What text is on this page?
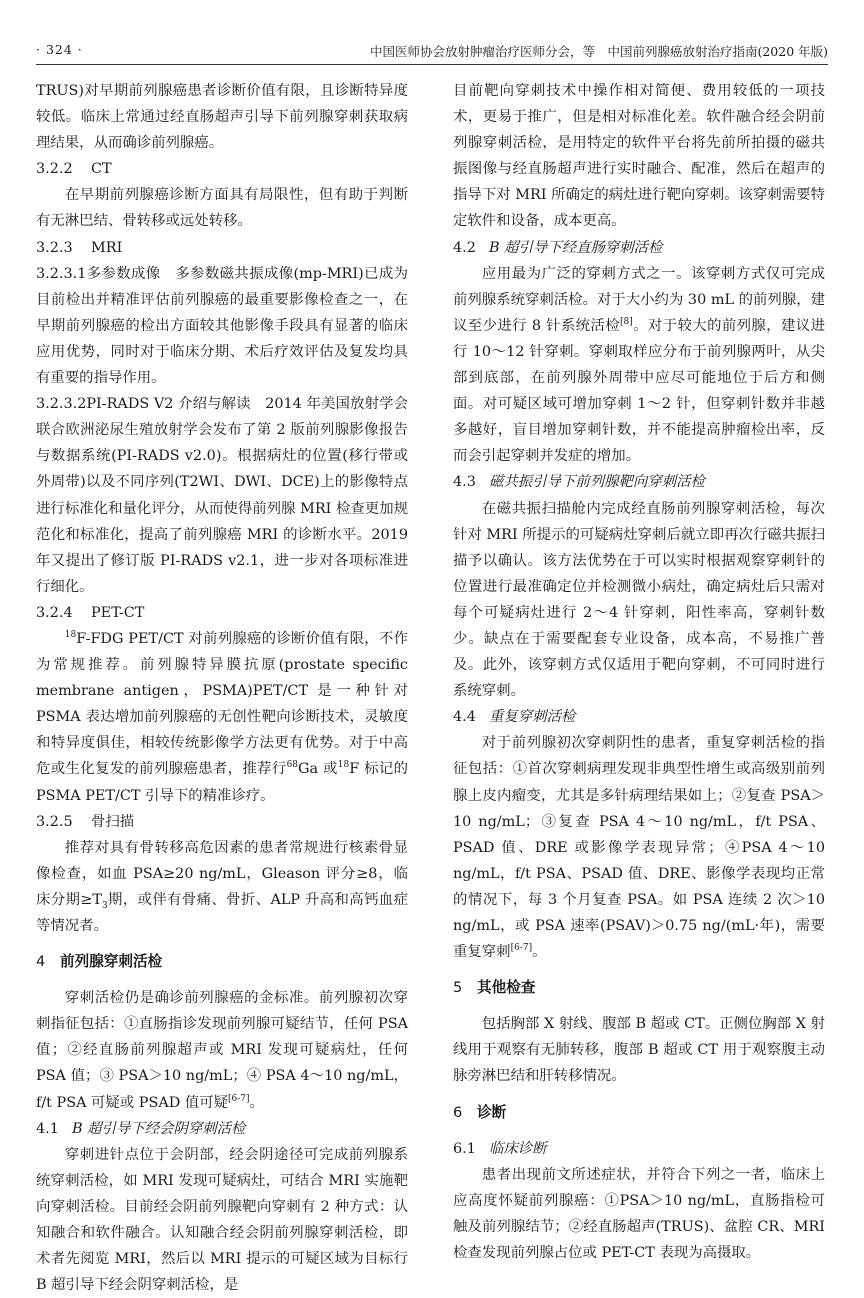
· 324 ·	中国医师协会放射肿瘤治疗医师分会，等　中国前列腺癌放射治疗指南(2020 年版)

TRUS)对早期前列腺癌患者诊断价值有限，且诊断特异度较低。临床上常通过经直肠超声引导下前列腺穿刺获取病理结果，从而确诊前列腺癌。

3.2.2 CT

在早期前列腺癌诊断方面具有局限性，但有助于判断有无淋巴结、骨转移或远处转移。

3.2.3 MRI

3.2.3.1多参数成像　 多参数磁共振成像(mp-MRI)已成为目前检出并精准评估前列腺癌的最重要影像检查之一，在早期前列腺癌的检出方面较其他影像手段具有显著的临床应用优势，同时对于临床分期、术后疗效评估及复发均具有重要的指导作用。

3.2.3.2PI-RADS V2 介绍与解读　 2014 年美国放射学会联合欧洲泌尿生殖放射学会发布了第 2 版前列腺影像报告与数据系统(PI-RADS v2.0)。根据病灶的位置(移行带或外周带)以及不同序列(T2WI、DWI、DCE)上的影像特点进行标准化和量化评分，从而使得前列腺 MRI 检查更加规范化和标准化，提高了前列腺癌 MRI 的诊断水平。2019 年又提出了修订版 PI-RADS v2.1，进一步对各项标准进行细化。

3.2.4 PET-CT

$^{18}$F-FDG PET/CT 对前列腺癌的诊断价值有限，不作为常规推荐。前列腺特异膜抗原(prostate specific membrane antigen，PSMA)PET/CT 是一种针对 PSMA 表达增加前列腺癌的无创性靶向诊断技术，灵敏度和特异度俱佳，相较传统影像学方法更有优势。对于中高危或生化复发的前列腺癌患者，推荐行$^{68}$Ga 或$^{18}$F 标记的 PSMA PET/CT 引导下的精准诊疗。

3.2.5 骨扫描

推荐对具有骨转移高危因素的患者常规进行核素骨显像检查，如血 PSA≥20 ng/mL，Gleason 评分≥8，临床分期$\ge T_3$期，或伴有骨痛、骨折、ALP 升高和高钙血症等情况者。

4 前列腺穿刺活检

穿刺活检仍是确诊前列腺癌的金标准。前列腺初次穿刺指征包括：①直肠指诊发现前列腺可疑结节，任何 PSA 值；②经直肠前列腺超声或 MRI 发现可疑病灶，任何 PSA 值；③ PSA＞10 ng/mL；④ PSA 4～10 ng/mL，f/t PSA 可疑或 PSAD 值可疑[6-7]。

4.1 B 超引导下经会阴穿刺活检

穿刺进针点位于会阴部，经会阴途径可完成前列腺系统穿刺活检，如 MRI 发现可疑病灶，可结合 MRI 实施靶向穿刺活检。目前经会阴前列腺靶向穿刺有 2 种方式：认知融合和软件融合。认知融合经会阴前列腺穿刺活检，即术者先阅览 MRI，然后以 MRI 提示的可疑区域为目标行 B 超引导下经会阴穿刺活检，是

目前靶向穿刺技术中操作相对简便、费用较低的一项技术，更易于推广，但是相对标准化差。软件融合经会阴前列腺穿刺活检，是用特定的软件平台将先前所拍摄的磁共振图像与经直肠超声进行实时融合、配准，然后在超声的指导下对 MRI 所确定的病灶进行靶向穿刺。该穿刺需要特定软件和设备，成本更高。

4.2 B 超引导下经直肠穿刺活检

应用最为广泛的穿刺方式之一。该穿刺方式仅可完成前列腺系统穿刺活检。对于大小约为 30 mL 的前列腺，建议至少进行 8 针系统活检[8]。对于较大的前列腺，建议进行 10～12 针穿刺。穿刺取样应分布于前列腺两叶，从尖部到底部，在前列腺外周带中应尽可能地位于后方和侧面。对可疑区域可增加穿刺 1～2 针，但穿刺针数并非越多越好，盲目增加穿刺针数，并不能提高肿瘤检出率，反而会引起穿刺并发症的增加。

4.3 磁共振引导下前列腺靶向穿刺活检

在磁共振扫描舱内完成经直肠前列腺穿刺活检，每次针对 MRI 所提示的可疑病灶穿刺后就立即再次行磁共振扫描予以确认。该方法优势在于可以实时根据观察穿刺针的位置进行最准确定位并检测微小病灶，确定病灶后只需对每个可疑病灶进行 2～4 针穿刺，阳性率高，穿刺针数少。缺点在于需要配套专业设备，成本高，不易推广普及。此外，该穿刺方式仅适用于靶向穿刺，不可同时进行系统穿刺。

4.4 重复穿刺活检

对于前列腺初次穿刺阴性的患者，重复穿刺活检的指征包括：①首次穿刺病理发现非典型性增生或高级别前列腺上皮内瘤变，尤其是多针病理结果如上；②复查 PSA＞10 ng/mL；③复查 PSA 4～10 ng/mL，f/t PSA、PSAD 值、DRE 或影像学表现异常；④PSA 4～10 ng/mL，f/t PSA、PSAD 值、DRE、影像学表现均正常的情况下，每 3 个月复查 PSA。如 PSA 连续 2 次＞10 ng/mL，或 PSA 速率(PSAV)＞0.75 ng/(mL·年)，需要重复穿刺[6-7]。

5 其他检查

包括胸部 X 射线、腹部 B 超或 CT。正侧位胸部 X 射线用于观察有无肺转移，腹部 B 超或 CT 用于观察腹主动脉旁淋巴结和肝转移情况。

6 诊断

6.1 临床诊断

患者出现前文所述症状，并符合下列之一者，临床上应高度怀疑前列腺癌：①PSA＞10 ng/mL，直肠指检可触及前列腺结节；②经直肠超声(TRUS)、盆腔 CR、MRI 检查发现前列腺占位或 PET-CT 表现为高摄取。
